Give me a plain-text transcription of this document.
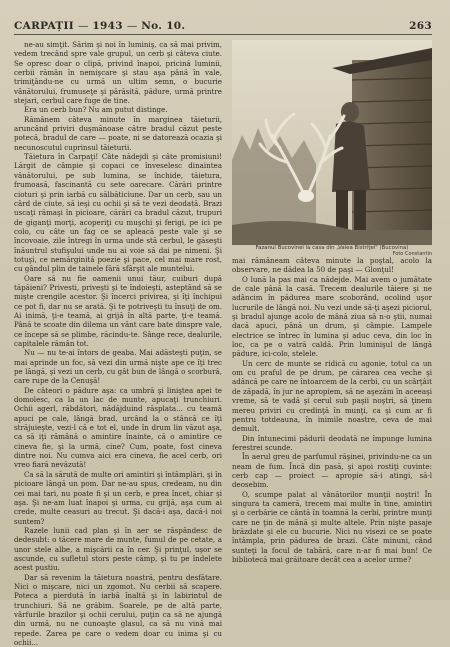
CARPAȚII — 1943 — No. 10.	263

ne-au simţit. Sărim şi noi în luminiş, ca să mai privim, vedem trecând spre vale grupul, un cerb şi câteva ciute. Se opresc doar o clipă, privind înapoi, pricină luminii, cerbii rămân în nemişcare şi stau aşa până în vale, trimiţându-ne cu urmă un ultim semn, o bucurie vânătorului, frumuseţe şi părăsită, pădure, urmă printre stejari, cerbul care fuge de tine.

Era un cerb bun? Nu am putut distinge.

Rămânem câteva minute în marginea tăieturii, aruncând priviri duşmănoase către bradul căzut peste potecă, bradul de care — poate, ni se datorează ocazia şi necunoscutul cuprinsul tăieturii.

Tăietura în Carpaţi! Câte nădejdi şi câte promisiuni! Lărgit de câmpie şi copaci ce înveselesc dinaintea vânătorului, pe sub lumina, se închide, tăietura, frumoasă, fascinantă cu sete oarecare. Cărări printre cioturi şi prin iarbă cu sălbăticiune. Dar un cerb, sau un cârd de ciute, să ieşi cu ochii şi să te vezi deodată. Brazi uscaţi rămaşi în picioare, cărări ca bradul căzut, trupuri de giganţi morţi, acoperiţi cu muşchi şi ferigi, pe ici pe colo, cu câte un fag ce se apleacă peste vale şi se încovoaie, zile întregi în urma unde stă cerbul, le găseşti înăuntrul stufişului unde nu ai voie să dai pe nimeni. Şi totuşi, ce nemărginită poezie şi pace, cel mai mare rost, cu gândul plin de tainele fără sfârşit ale muntelui.

Oare să nu fie oamenii unui tăur, cuiburi după tăpăieni? Privesti, priveşti şi te îndoieşti, asteptând să se mişte crengile acestor. Şi încerci privirea, şi îţi închipui ce pot fi, dar nu se arată. Şi te potriveşti tu însuţi de om. Ai inimă, ţi-e teamă, ai grijă în altă parte, ţi-e teamă. Până te scoate din dilema un vânt care bate dinspre vale, ce începe să se plimbe, răcindu-te. Sânge rece, dealurile, capitalele rămân tot.

Nu — nu te-ai întors de geaba. Mai adăsteşti puţin, se mai aprinde un foc, să vezi din urmă nişte ape ce îţi trec pe lângă, şi vezi un cerb, cu gât bun de lângă o scorbură, care rupe de la Cenuşă!

De câteori o pădure aşa: ca umbră şi liniştea apei te domolesc, ca la un lac de munte, apucaţi trunchiuri. Ochii agerl, răbdători, nădăjduind răsplata... cu teamă apuci pe cale, lângă brad, urcând la o stâncă ce îţi străjuieşte, vezi-l că e tot el, unde în drum lin văzut aşa, ca să iţi rămână o amintire înainte, că o amintire ce cineva fie, şi la urmă, cine? Cum, poate, fost cineva dintre noi. Nu cumva aici era cineva, fie acel cerb, ori vreo fiară nevăzută!

Ca să la sărută de multe ori amintiri şi întâmplări, şi în picioare lângă un pom. Dar ne-au spus, credeam, nu din cei mai tari, nu poate fi şi un cerb, e prea încet, chiar şi aşa. Şi ne-am luat înapoi şi urma, cu grijă, aşa cum ai crede, multe ceasuri au trecut. Şi dacă-i aşa, dacă-i noi suntem?

Razele lunii cad plan şi în aer se răspândesc de dedesubt: o tăcere mare de munte, fumul de pe cetate, a unor stele albe, a mişcării ca în cer. Şi prinţul, uşor se ascunde, cu sufletul stors peste câmp, şi tu pe îndelete acest pustiu.

Dar să revenim la tăietura noastră, pentru desfătare. Nici o mişcare, nici un zgomot. Nu cerbii să scapere. Poteca a pierdută în iarbă înaltă şi în labirintul de trunchiuri. Să ne grăbim. Soarele, pe de altă parte, vârfurile brazilor şi ochii cerului, puţin ca să ne ajungă din urmă, nu ne cunoaşte glasul, ca să nu vină mai repede. Zarea pe care o vedem doar cu inima şi cu ochii...

Fazanul Bucovinei la casa din „Valea Bistriţei" (Bucovina)
Foto Constantin

mai rămâneam câteva minute la poştal, acolo la observare, ne dădea la 50 de paşi — Glonţul!

O lună la pas mai ca nădejde. Mai avem o jumătate de cale până la casă. Trecem dealurile tăiere şi ne adâncim în pădurea mare scoborând, ocolind uşor lucrurile de lângă noi. Nu vezi unde să-ţi aşezi piciorul, şi bradul ajunge acolo de mână ziua să n-o ştii, numai dacă apuci, până un drum, şi câmpie. Lampele electrice se întrec în lumina şi aduc ceva, din loc în loc, ca pe o vatră caldă. Prin luminişul de lângă pădure, ici-colo, stelele.

Un cerc de munte se ridică cu agonie, totul ca un om cu praful de pe drum, pe cărarea cea veche şi adâncă pe care ne întoarcem de la cerbi, cu un scârţâit de zăpadă, în jur ne apropiem, să ne aşezăm în aceeaşi vreme, să te vadă şi cerul sub paşii noştri, să ţinem mereu priviri cu credinţă în munţi, ca şi cum ar fi pentru totdeauna, în inimile noastre, ceva de mai demult.

Din întunecimi pădurii deodată ne împunge lumina ferestrei scunde.

În aerul greu de parfumul răşinei, privindu-ne ca un neam de fum. Încă din pasă, şi apoi rostiţi cuvinte: cerb cap — proiect — apropie să-i atingi, să-l deosebim.

O, scumpe palat al vânătorilor munţii noştri! În singura ta cameră, trecem mai multe în tine, amintiri şi o cerbărie ce cântă în toamnă la cerbi, printre munţi care ne ţin de mână şi multe altele. Prin nişte pasaje brăzdate şi ele cu bucurie. Nici nu visezi ce se poate întâmpla, prin pădurea de brazi. Câte minuni, când sunteţi la focul de tabără, care n-ar fi mai bun! Ce bibliotecă mai grăitoare decât cea a acelor urme?
